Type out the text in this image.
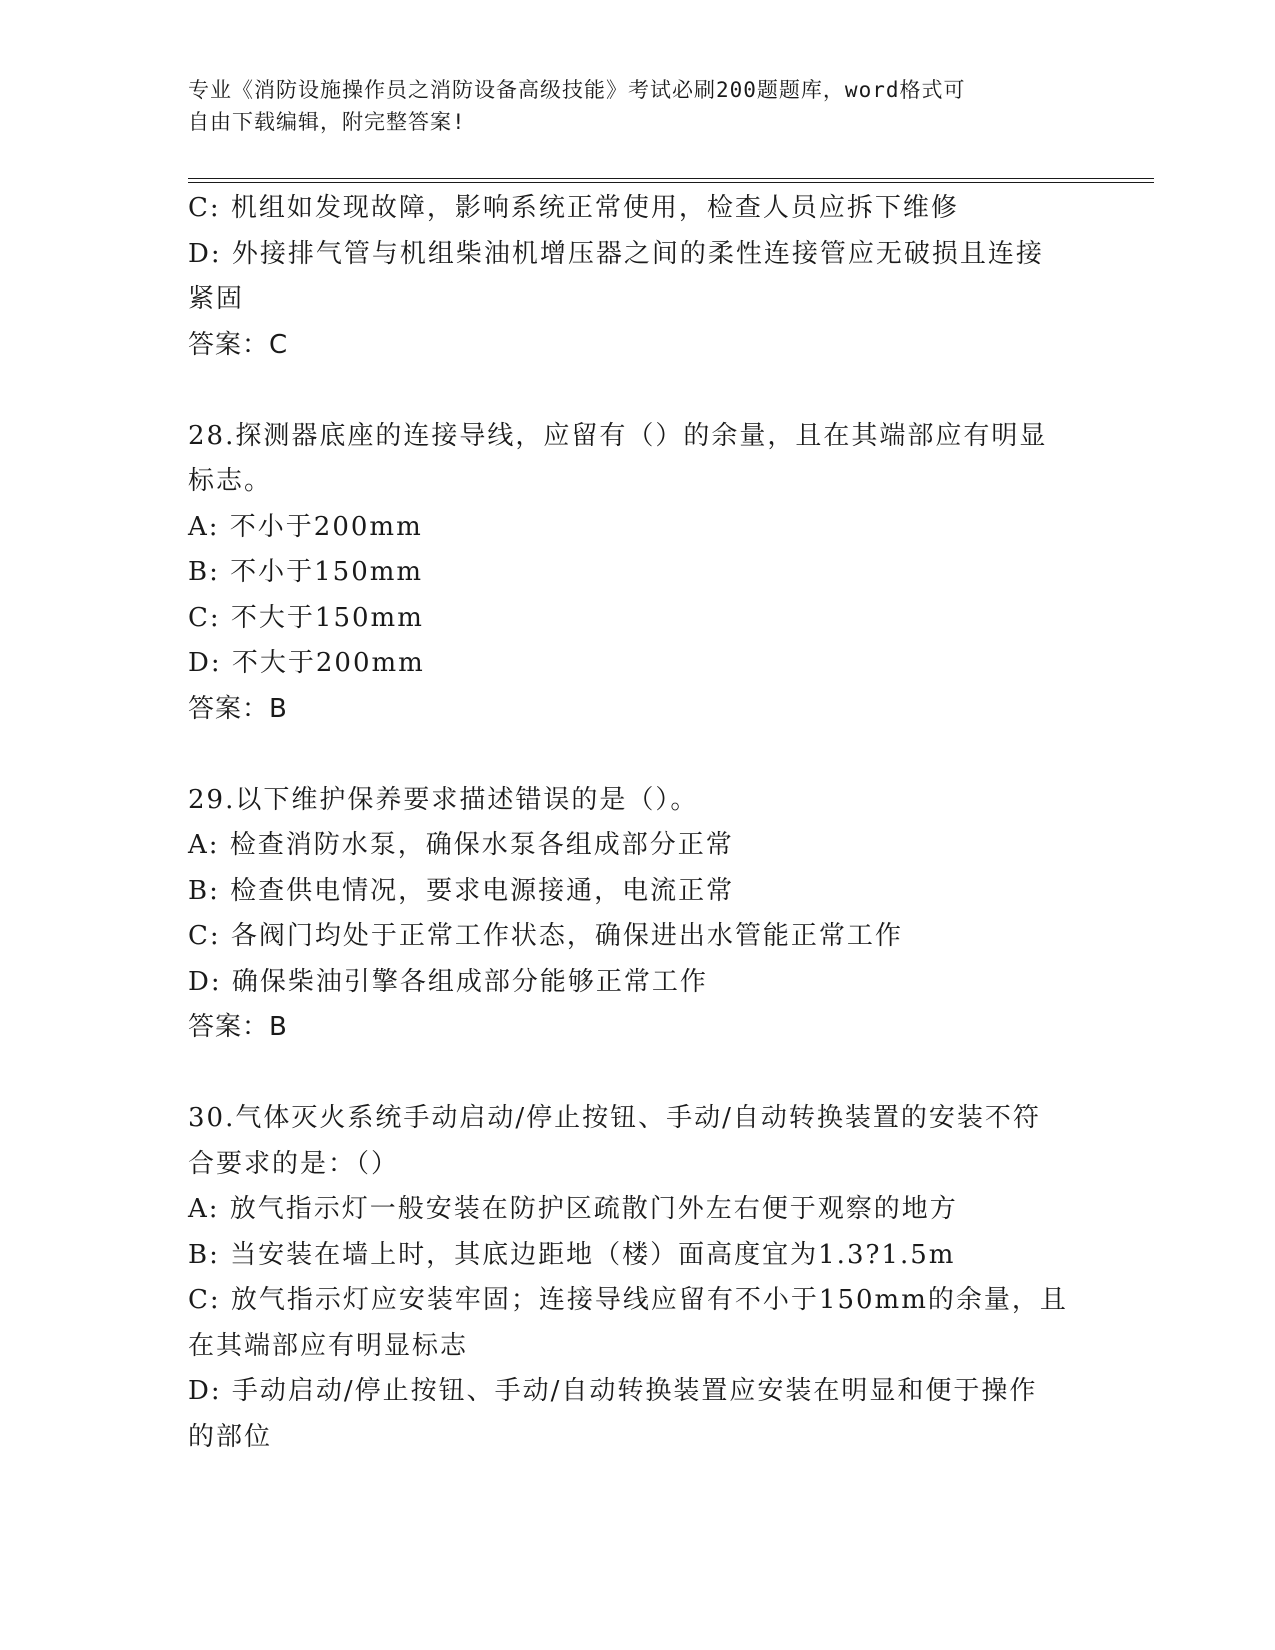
专业《消防设施操作员之消防设备高级技能》考试必刷200题题库，word格式可
自由下载编辑，附完整答案!
C: 机组如发现故障，影响系统正常使用，检查人员应拆下维修
D: 外接排气管与机组柴油机增压器之间的柔性连接管应无破损且连接
紧固
答案：C
28.探测器底座的连接导线，应留有（）的余量，且在其端部应有明显
标志。
A: 不小于200mm
B: 不小于150mm
C: 不大于150mm
D: 不大于200mm
答案：B
29.以下维护保养要求描述错误的是（）。
A: 检查消防水泵，确保水泵各组成部分正常
B: 检查供电情况，要求电源接通，电流正常
C: 各阀门均处于正常工作状态，确保进出水管能正常工作
D: 确保柴油引擎各组成部分能够正常工作
答案：B
30.气体灭火系统手动启动/停止按钮、手动/自动转换装置的安装不符
合要求的是：（）
A: 放气指示灯一般安装在防护区疏散门外左右便于观察的地方
B: 当安装在墙上时，其底边距地（楼）面高度宜为1.3?1.5m
C: 放气指示灯应安装牢固；连接导线应留有不小于150mm的余量，且
在其端部应有明显标志
D: 手动启动/停止按钮、手动/自动转换装置应安装在明显和便于操作
的部位
